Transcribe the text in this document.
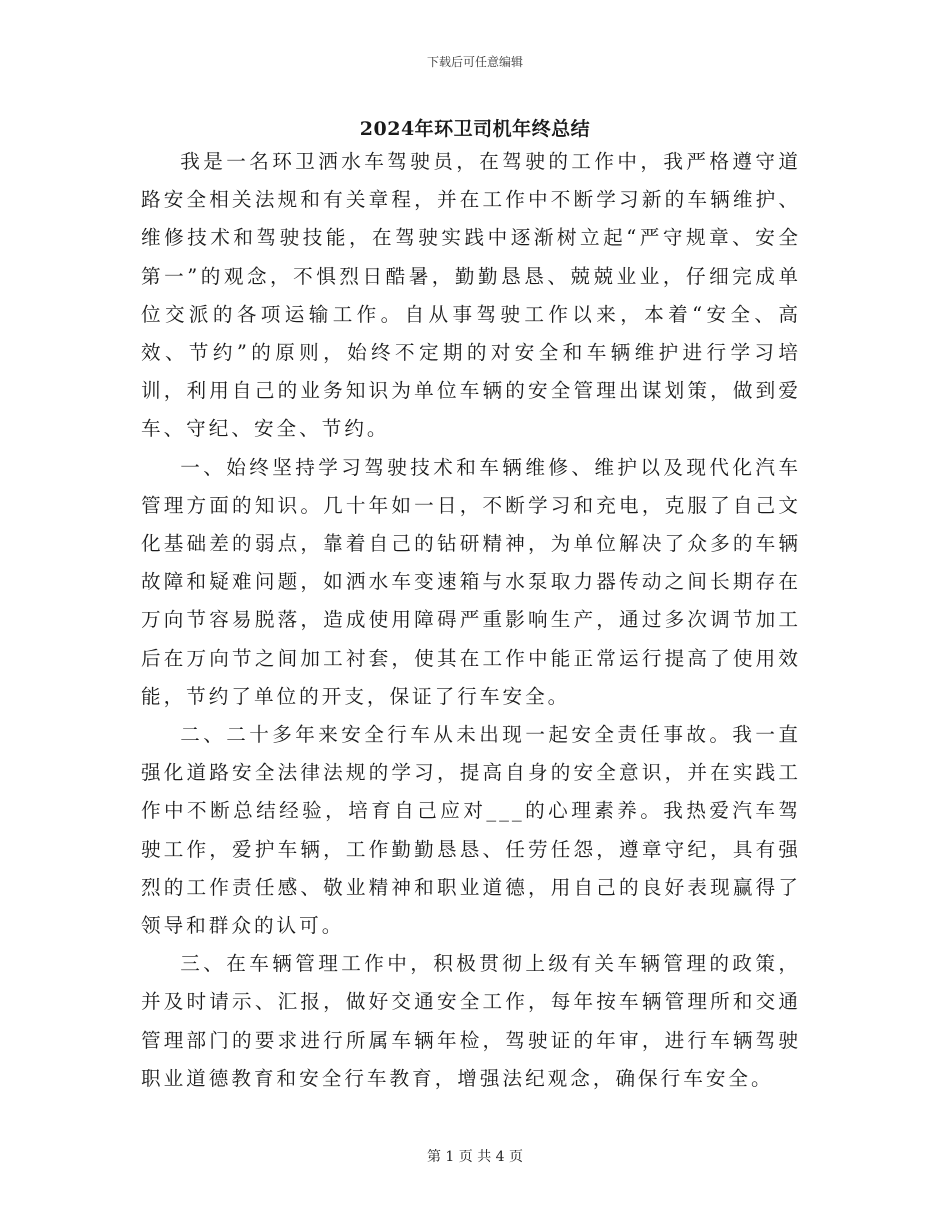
下载后可任意编辑
2024年环卫司机年终总结

我是一名环卫洒水车驾驶员，在驾驶的工作中，我严格遵守道路安全相关法规和有关章程，并在工作中不断学习新的车辆维护、维修技术和驾驶技能，在驾驶实践中逐渐树立起“严守规章、安全第一”的观念，不惧烈日酷暑，勤勤恳恳、兢兢业业，仔细完成单位交派的各项运输工作。自从事驾驶工作以来，本着“安全、高效、节约”的原则，始终不定期的对安全和车辆维护进行学习培训，利用自己的业务知识为单位车辆的安全管理出谋划策，做到爱车、守纪、安全、节约。

一、始终坚持学习驾驶技术和车辆维修、维护以及现代化汽车管理方面的知识。几十年如一日，不断学习和充电，克服了自己文化基础差的弱点，靠着自己的钻研精神，为单位解决了众多的车辆故障和疑难问题，如洒水车变速箱与水泵取力器传动之间长期存在万向节容易脱落，造成使用障碍严重影响生产，通过多次调节加工后在万向节之间加工衬套，使其在工作中能正常运行提高了使用效能，节约了单位的开支，保证了行车安全。

二、二十多年来安全行车从未出现一起安全责任事故。我一直强化道路安全法律法规的学习，提高自身的安全意识，并在实践工作中不断总结经验，培育自己应对___的心理素养。我热爱汽车驾驶工作，爱护车辆，工作勤勤恳恳、任劳任怨，遵章守纪，具有强烈的工作责任感、敬业精神和职业道德，用自己的良好表现赢得了领导和群众的认可。

三、在车辆管理工作中，积极贯彻上级有关车辆管理的政策，并及时请示、汇报，做好交通安全工作，每年按车辆管理所和交通管理部门的要求进行所属车辆年检，驾驶证的年审，进行车辆驾驶职业道德教育和安全行车教育，增强法纪观念，确保行车安全。

第 1 页 共 4 页
